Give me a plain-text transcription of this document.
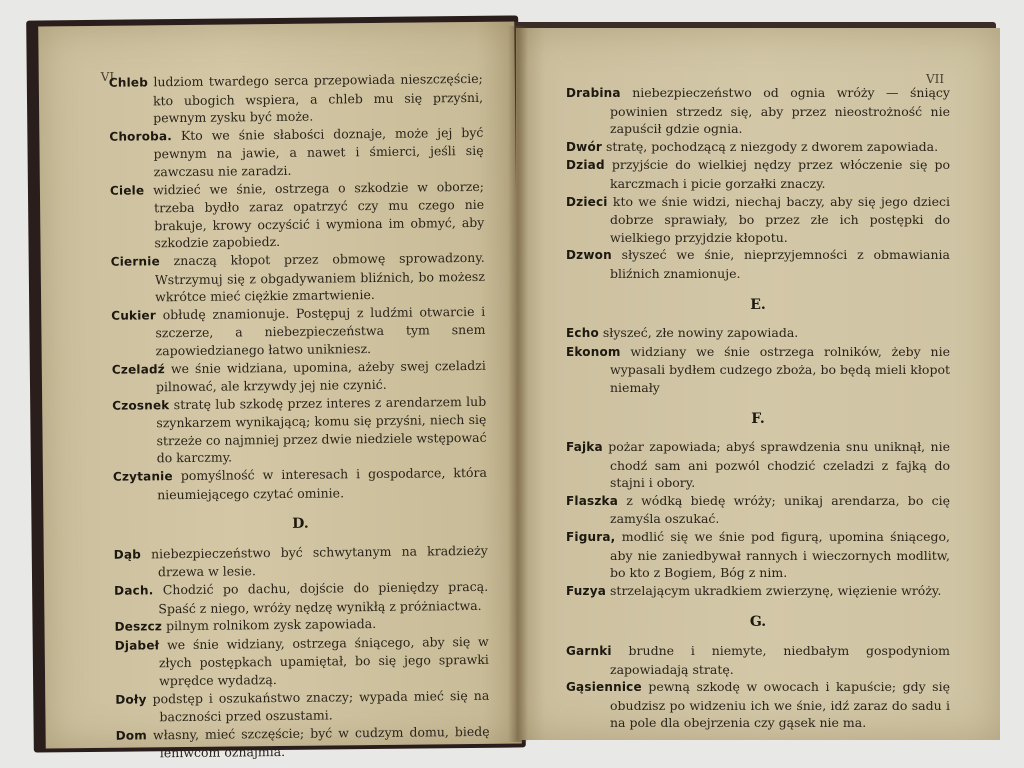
VI

Chleb ludziom twardego serca przepowiada nieszczęście; kto ubogich wspiera, a chleb mu się przyśni, pewnym zysku być może.

Choroba. Kto we śnie słabości doznaje, może jej być pewnym na jawie, a nawet i śmierci, jeśli się zawczasu nie zaradzi.

Ciele widzieć we śnie, ostrzega o szkodzie w oborze; trzeba bydło zaraz opatrzyć czy mu czego nie brakuje, krowy oczyścić i wymiona im obmyć, aby szkodzie zapobiedz.

Ciernie znaczą kłopot przez obmowę sprowadzony. Wstrzymuj się z obgadywaniem bliźnich, bo możesz wkrótce mieć ciężkie zmartwienie.

Cukier obłudę znamionuje. Postępuj z ludźmi otwarcie i szczerze, a niebezpieczeństwa tym snem zapowiedzianego łatwo unikniesz.

Czeladź we śnie widziana, upomina, ażeby swej czeladzi pilnować, ale krzywdy jej nie czynić.

Czosnek stratę lub szkodę przez interes z arendarzem lub szynkarzem wynikającą; komu się przyśni, niech się strzeże co najmniej przez dwie niedziele wstępować do karczmy.

Czytanie pomyślność w interesach i gospodarce, która nieumiejącego czytać ominie.

D.

Dąb niebezpieczeństwo być schwytanym na kradzieży drzewa w lesie.

Dach. Chodzić po dachu, dojście do pieniędzy pracą. Spaść z niego, wróży nędzę wynikłą z próżniactwa.

Deszcz pilnym rolnikom zysk zapowiada.

Djabeł we śnie widziany, ostrzega śniącego, aby się w złych postępkach upamiętał, bo się jego sprawki wprędce wydadzą.

Doły podstęp i oszukaństwo znaczy; wypada mieć się na baczności przed oszustami.

Dom własny, mieć szczęście; być w cudzym domu, biedę leniwcom oznajmia.

VII

Drabina niebezpieczeństwo od ognia wróży — śniący powinien strzedz się, aby przez nieostrożność nie zapuścił gdzie ognia.

Dwór stratę, pochodzącą z niezgody z dworem zapowiada.

Dziad przyjście do wielkiej nędzy przez włóczenie się po karczmach i picie gorzałki znaczy.

Dzieci kto we śnie widzi, niechaj baczy, aby się jego dzieci dobrze sprawiały, bo przez złe ich postępki do wielkiego przyjdzie kłopotu.

Dzwon słyszeć we śnie, nieprzyjemności z obmawiania bliźnich znamionuje.

E.

Echo słyszeć, złe nowiny zapowiada.

Ekonom widziany we śnie ostrzega rolników, żeby nie wypasali bydłem cudzego zboża, bo będą mieli kłopot niemały

F.

Fajka pożar zapowiada; abyś sprawdzenia snu uniknął, nie chodź sam ani pozwól chodzić czeladzi z fajką do stajni i obory.

Flaszka z wódką biedę wróży; unikaj arendarza, bo cię zamyśla oszukać.

Figura, modlić się we śnie pod figurą, upomina śniącego, aby nie zaniedbywał rannych i wieczornych modlitw, bo kto z Bogiem, Bóg z nim.

Fuzya strzelającym ukradkiem zwierzynę, więzienie wróży.

G.

Garnki brudne i niemyte, niedbałym gospodyniom zapowiadają stratę.

Gąsiennice pewną szkodę w owocach i kapuście; gdy się obudzisz po widzeniu ich we śnie, idź zaraz do sadu i na pole dla obejrzenia czy gąsek nie ma.
